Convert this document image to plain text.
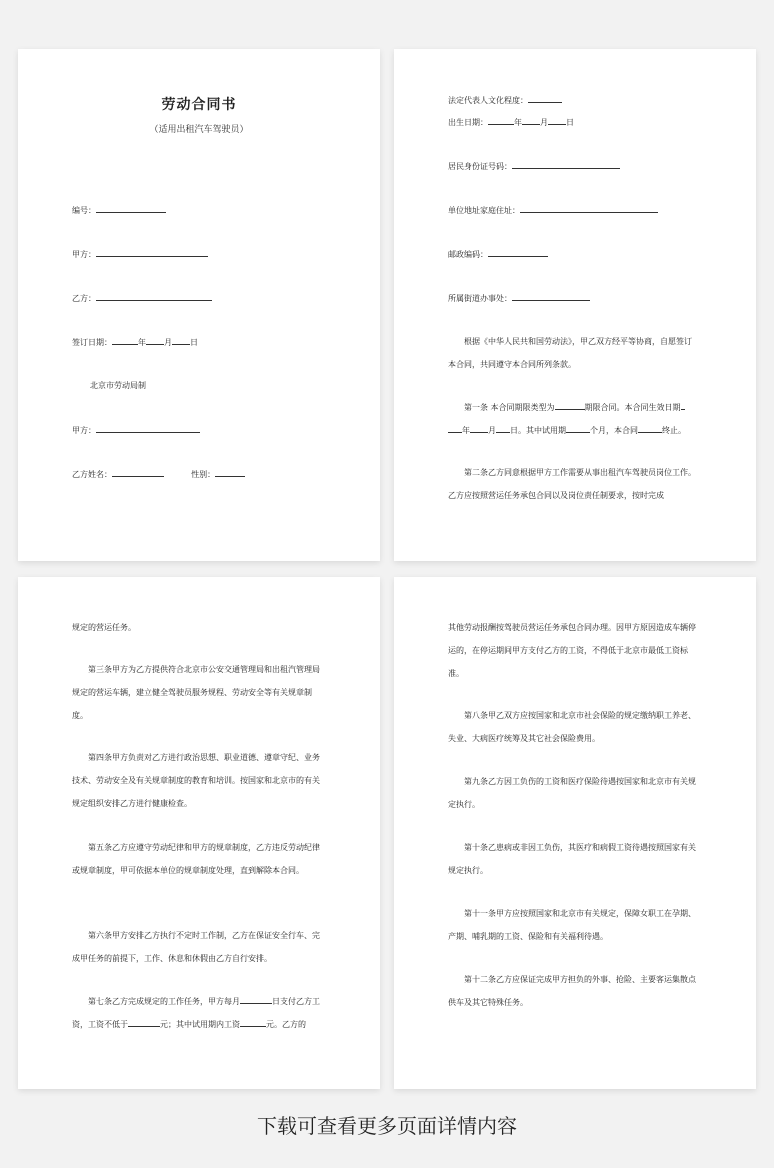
劳动合同书
（适用出租汽车驾驶员）
编号：
甲方：
乙方：
签订日期：	年 月 日
北京市劳动局制
甲方：
乙方姓名：	性别：
法定代表人文化程度：
出生日期：	年 月 日
居民身份证号码：
单位地址家庭住址：
邮政编码：
所属街道办事处：
根据《中华人民共和国劳动法》，甲乙双方经平等协商，自愿签订本合同，共同遵守本合同所列条款。
第一条 本合同期限类型为	期限合同。本合同生效日期年 月 日。其中试用期	个月，本合同	终止。
第二条乙方同意根据甲方工作需要从事出租汽车驾驶员岗位工作。乙方应按照营运任务承包合同以及岗位责任制要求，按时完成
规定的营运任务。
第三条甲方为乙方提供符合北京市公安交通管理局和出租汽管理局规定的营运车辆，建立健全驾驶员服务规程、劳动安全等有关规章制度。
第四条甲方负责对乙方进行政治思想、职业道德、遵章守纪、业务技术、劳动安全及有关规章制度的教育和培训。按国家和北京市的有关规定组织安排乙方进行健康检查。
第五条乙方应遵守劳动纪律和甲方的规章制度，乙方违反劳动纪律或规章制度，甲可依据本单位的规章制度处理，直到解除本合同。
第六条甲方安排乙方执行不定时工作制，乙方在保证安全行车、完成甲任务的前提下，工作、休息和休假由乙方自行安排。
第七条乙方完成规定的工作任务，甲方每月	日支付乙方工资，工资不低于	元；其中试用期内工资	元。乙方的
其他劳动报酬按驾驶员营运任务承包合同办理。因甲方原因造成车辆停运的，在停运期间甲方支付乙方的工资，不得低于北京市最低工资标准。
第八条甲乙双方应按国家和北京市社会保险的规定缴纳职工养老、失业、大病医疗统筹及其它社会保险费用。
第九条乙方因工负伤的工资和医疗保险待遇按国家和北京市有关规定执行。
第十条乙患病或非因工负伤，其医疗和病假工资待遇按照国家有关规定执行。
第十一条甲方应按照国家和北京市有关规定，保障女职工在孕期、产期、哺乳期的工资、保险和有关福利待遇。
第十二条乙方应保证完成甲方担负的外事、抢险、主要客运集散点供车及其它特殊任务。
下载可查看更多页面详情内容
